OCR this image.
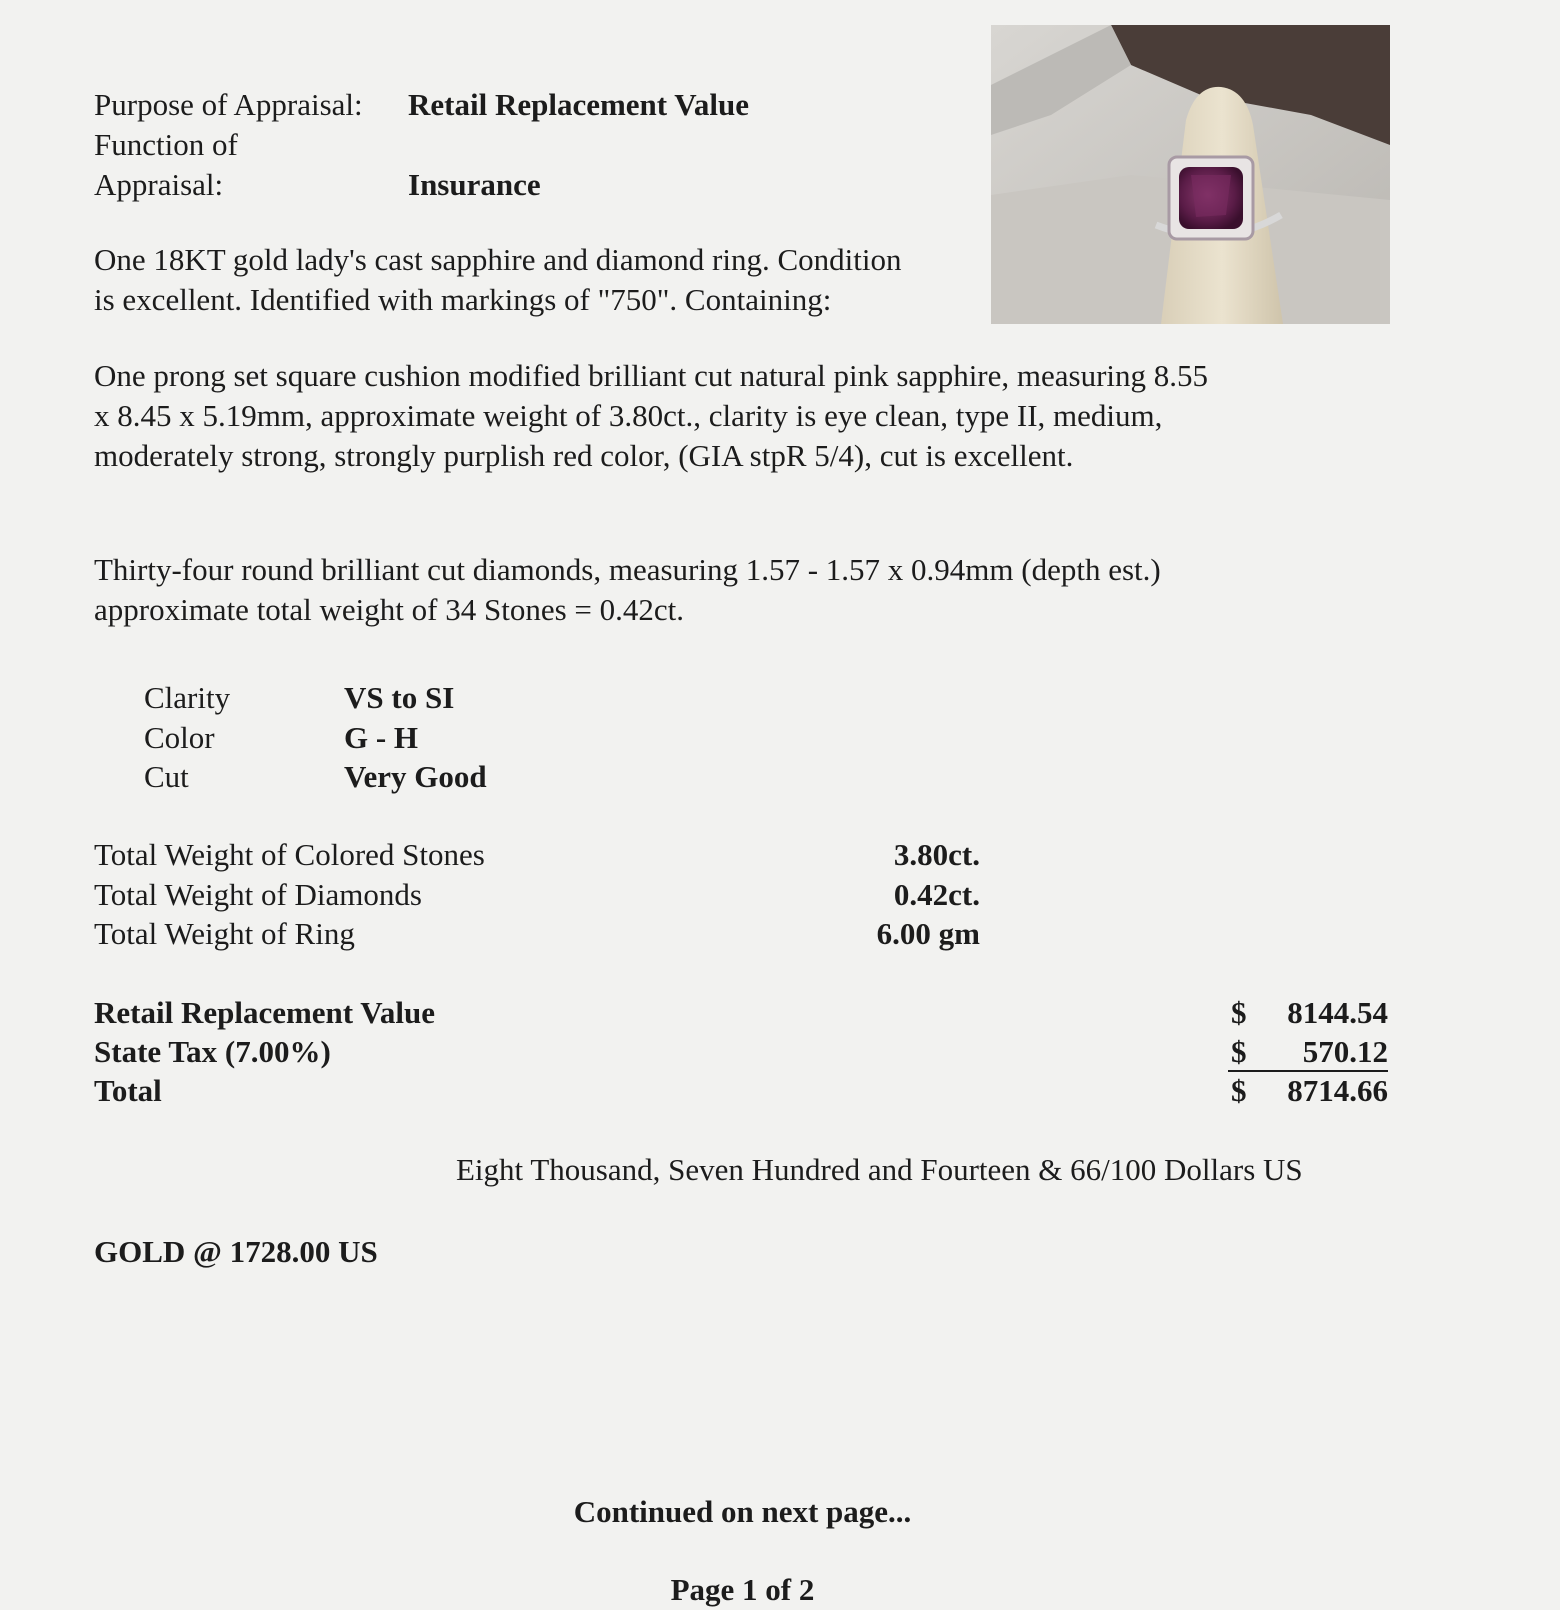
Purpose of Appraisal: Retail Replacement Value
Function of
Appraisal:	Insurance
One 18KT gold lady's cast sapphire and diamond ring. Condition
is excellent. Identified with markings of "750". Containing:
One prong set square cushion modified brilliant cut natural pink sapphire, measuring 8.55
x 8.45 x 5.19mm, approximate weight of 3.80ct., clarity is eye clean, type II, medium,
moderately strong, strongly purplish red color, (GIA stpR 5/4), cut is excellent.
Thirty-four round brilliant cut diamonds, measuring 1.57 - 1.57 x 0.94mm (depth est.)
approximate total weight of 34 Stones = 0.42ct.
Clarity	VS to SI
Color	G - H
Cut	Very Good
Total Weight of Colored Stones	3.80ct.
Total Weight of Diamonds	0.42ct.
Total Weight of Ring	6.00 gm
Retail Replacement Value	$ 8144.54
State Tax (7.00%)	$ 570.12
Total	$ 8714.66
Eight Thousand, Seven Hundred and Fourteen & 66/100 Dollars US
GOLD @ 1728.00 US
Continued on next page...
Page 1 of 2
